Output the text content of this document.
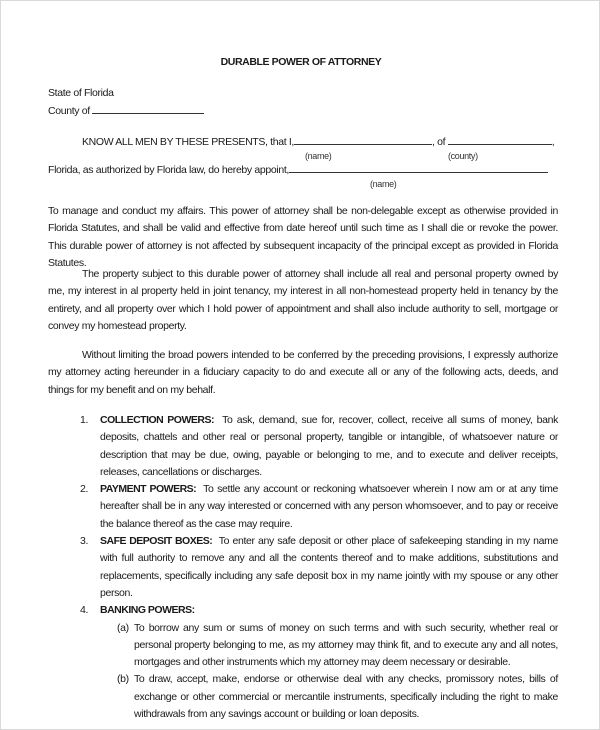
DURABLE POWER OF ATTORNEY
State of Florida
County of
KNOW ALL MEN BY THESE PRESENTS, that I,	, of	,
(name)	(county)
Florida, as authorized by Florida law, do hereby appoint,
(name)

To manage and conduct my affairs. This power of attorney shall be non-delegable except as otherwise provided in Florida Statutes, and shall be valid and effective from date hereof until such time as I shall die or revoke the power. This durable power of attorney is not affected by subsequent incapacity of the principal except as provided in Florida Statutes.

The property subject to this durable power of attorney shall include all real and personal property owned by me, my interest in al property held in joint tenancy, my interest in all non-homestead property held in tenancy by the entirety, and all property over which I hold power of appointment and shall also include authority to sell, mortgage or convey my homestead property.

Without limiting the broad powers intended to be conferred by the preceding provisions, I expressly authorize my attorney acting hereunder in a fiduciary capacity to do and execute all or any of the following acts, deeds, and things for my benefit and on my behalf.

1. COLLECTION POWERS: To ask, demand, sue for, recover, collect, receive all sums of money, bank deposits, chattels and other real or personal property, tangible or intangible, of whatsoever nature or description that may be due, owing, payable or belonging to me, and to execute and deliver receipts, releases, cancellations or discharges.
2. PAYMENT POWERS: To settle any account or reckoning whatsoever wherein I now am or at any time hereafter shall be in any way interested or concerned with any person whomsoever, and to pay or receive the balance thereof as the case may require.
3. SAFE DEPOSIT BOXES: To enter any safe deposit or other place of safekeeping standing in my name with full authority to remove any and all the contents thereof and to make additions, substitutions and replacements, specifically including any safe deposit box in my name jointly with my spouse or any other person.
4. BANKING POWERS:
(a) To borrow any sum or sums of money on such terms and with such security, whether real or personal property belonging to me, as my attorney may think fit, and to execute any and all notes, mortgages and other instruments which my attorney may deem necessary or desirable.
(b) To draw, accept, make, endorse or otherwise deal with any checks, promissory notes, bills of exchange or other commercial or mercantile instruments, specifically including the right to make withdrawals from any savings account or building or loan deposits.
